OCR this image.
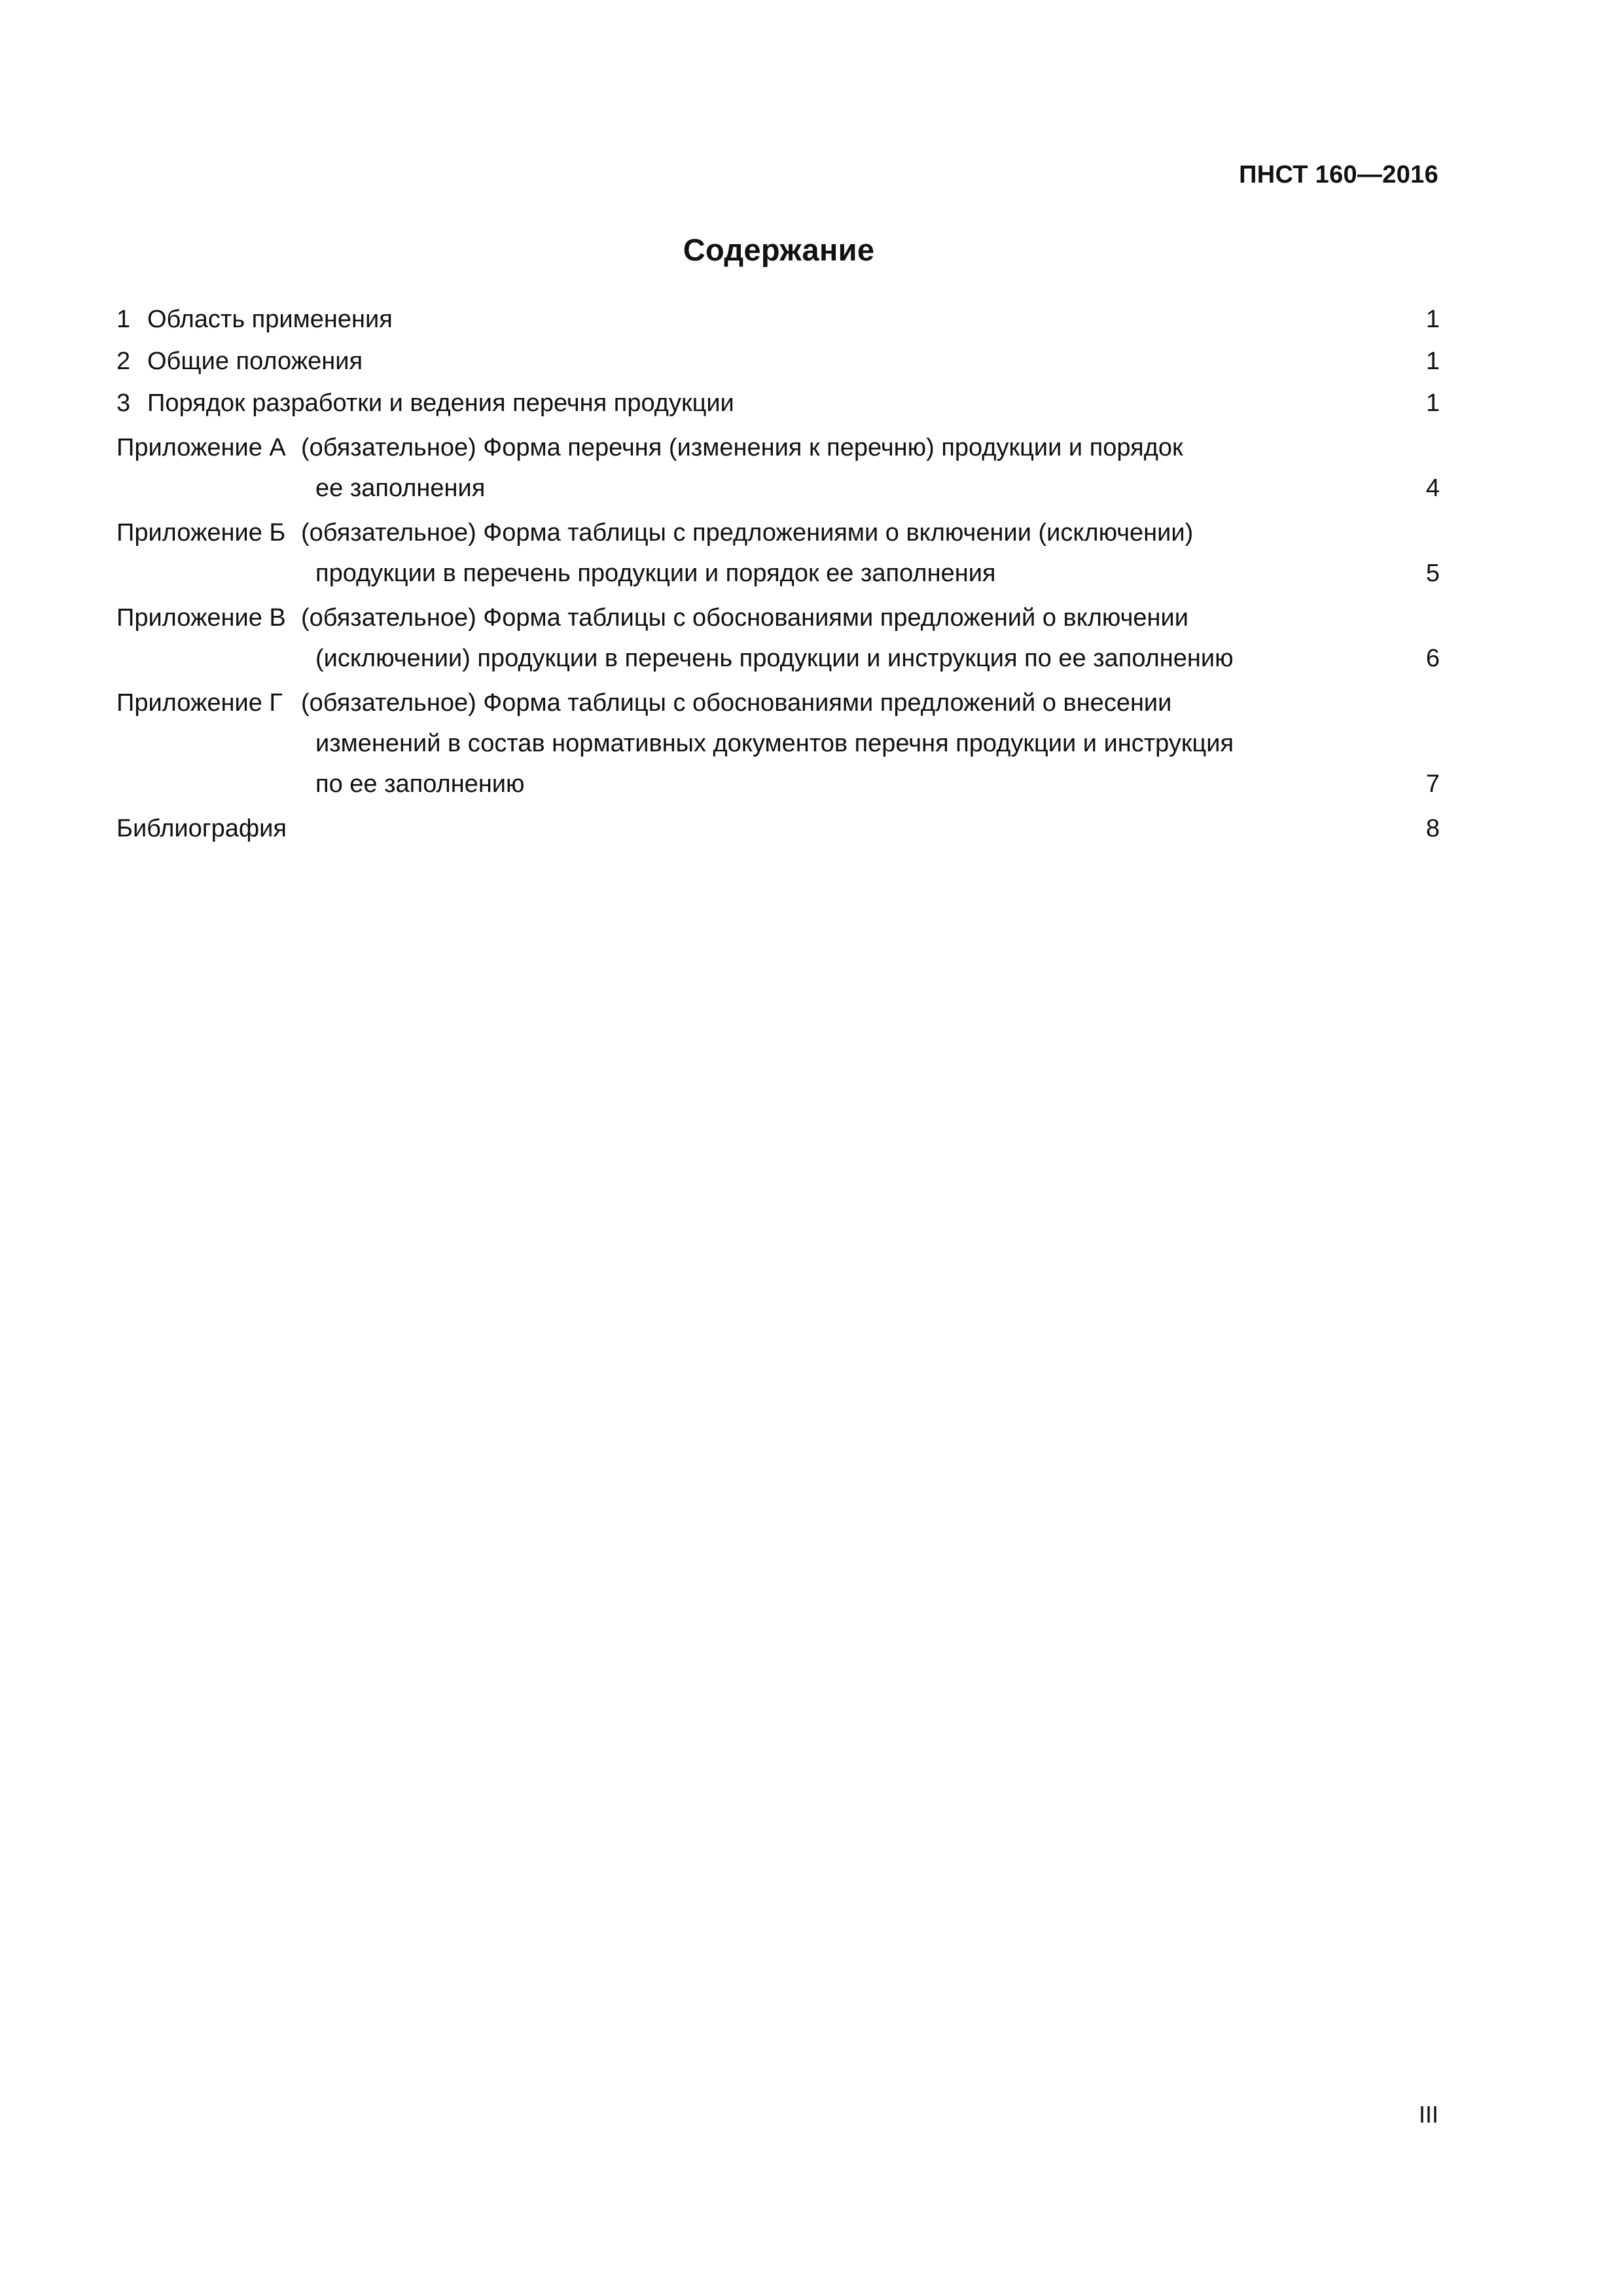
ПНСТ 160—2016
Содержание
1 Область применения	1
2 Общие положения	1
3 Порядок разработки и ведения перечня продукции	1
Приложение А (обязательное) Форма перечня (изменения к перечню) продукции и порядок
ее заполнения	4
Приложение Б (обязательное) Форма таблицы с предложениями о включении (исключении)
продукции в перечень продукции и порядок ее заполнения	5
Приложение В (обязательное) Форма таблицы с обоснованиями предложений о включении
(исключении) продукции в перечень продукции и инструкция по ее заполнению	6
Приложение Г (обязательное) Форма таблицы с обоснованиями предложений о внесении
изменений в состав нормативных документов перечня продукции и инструкция
по ее заполнению	7
Библиография	8
III
